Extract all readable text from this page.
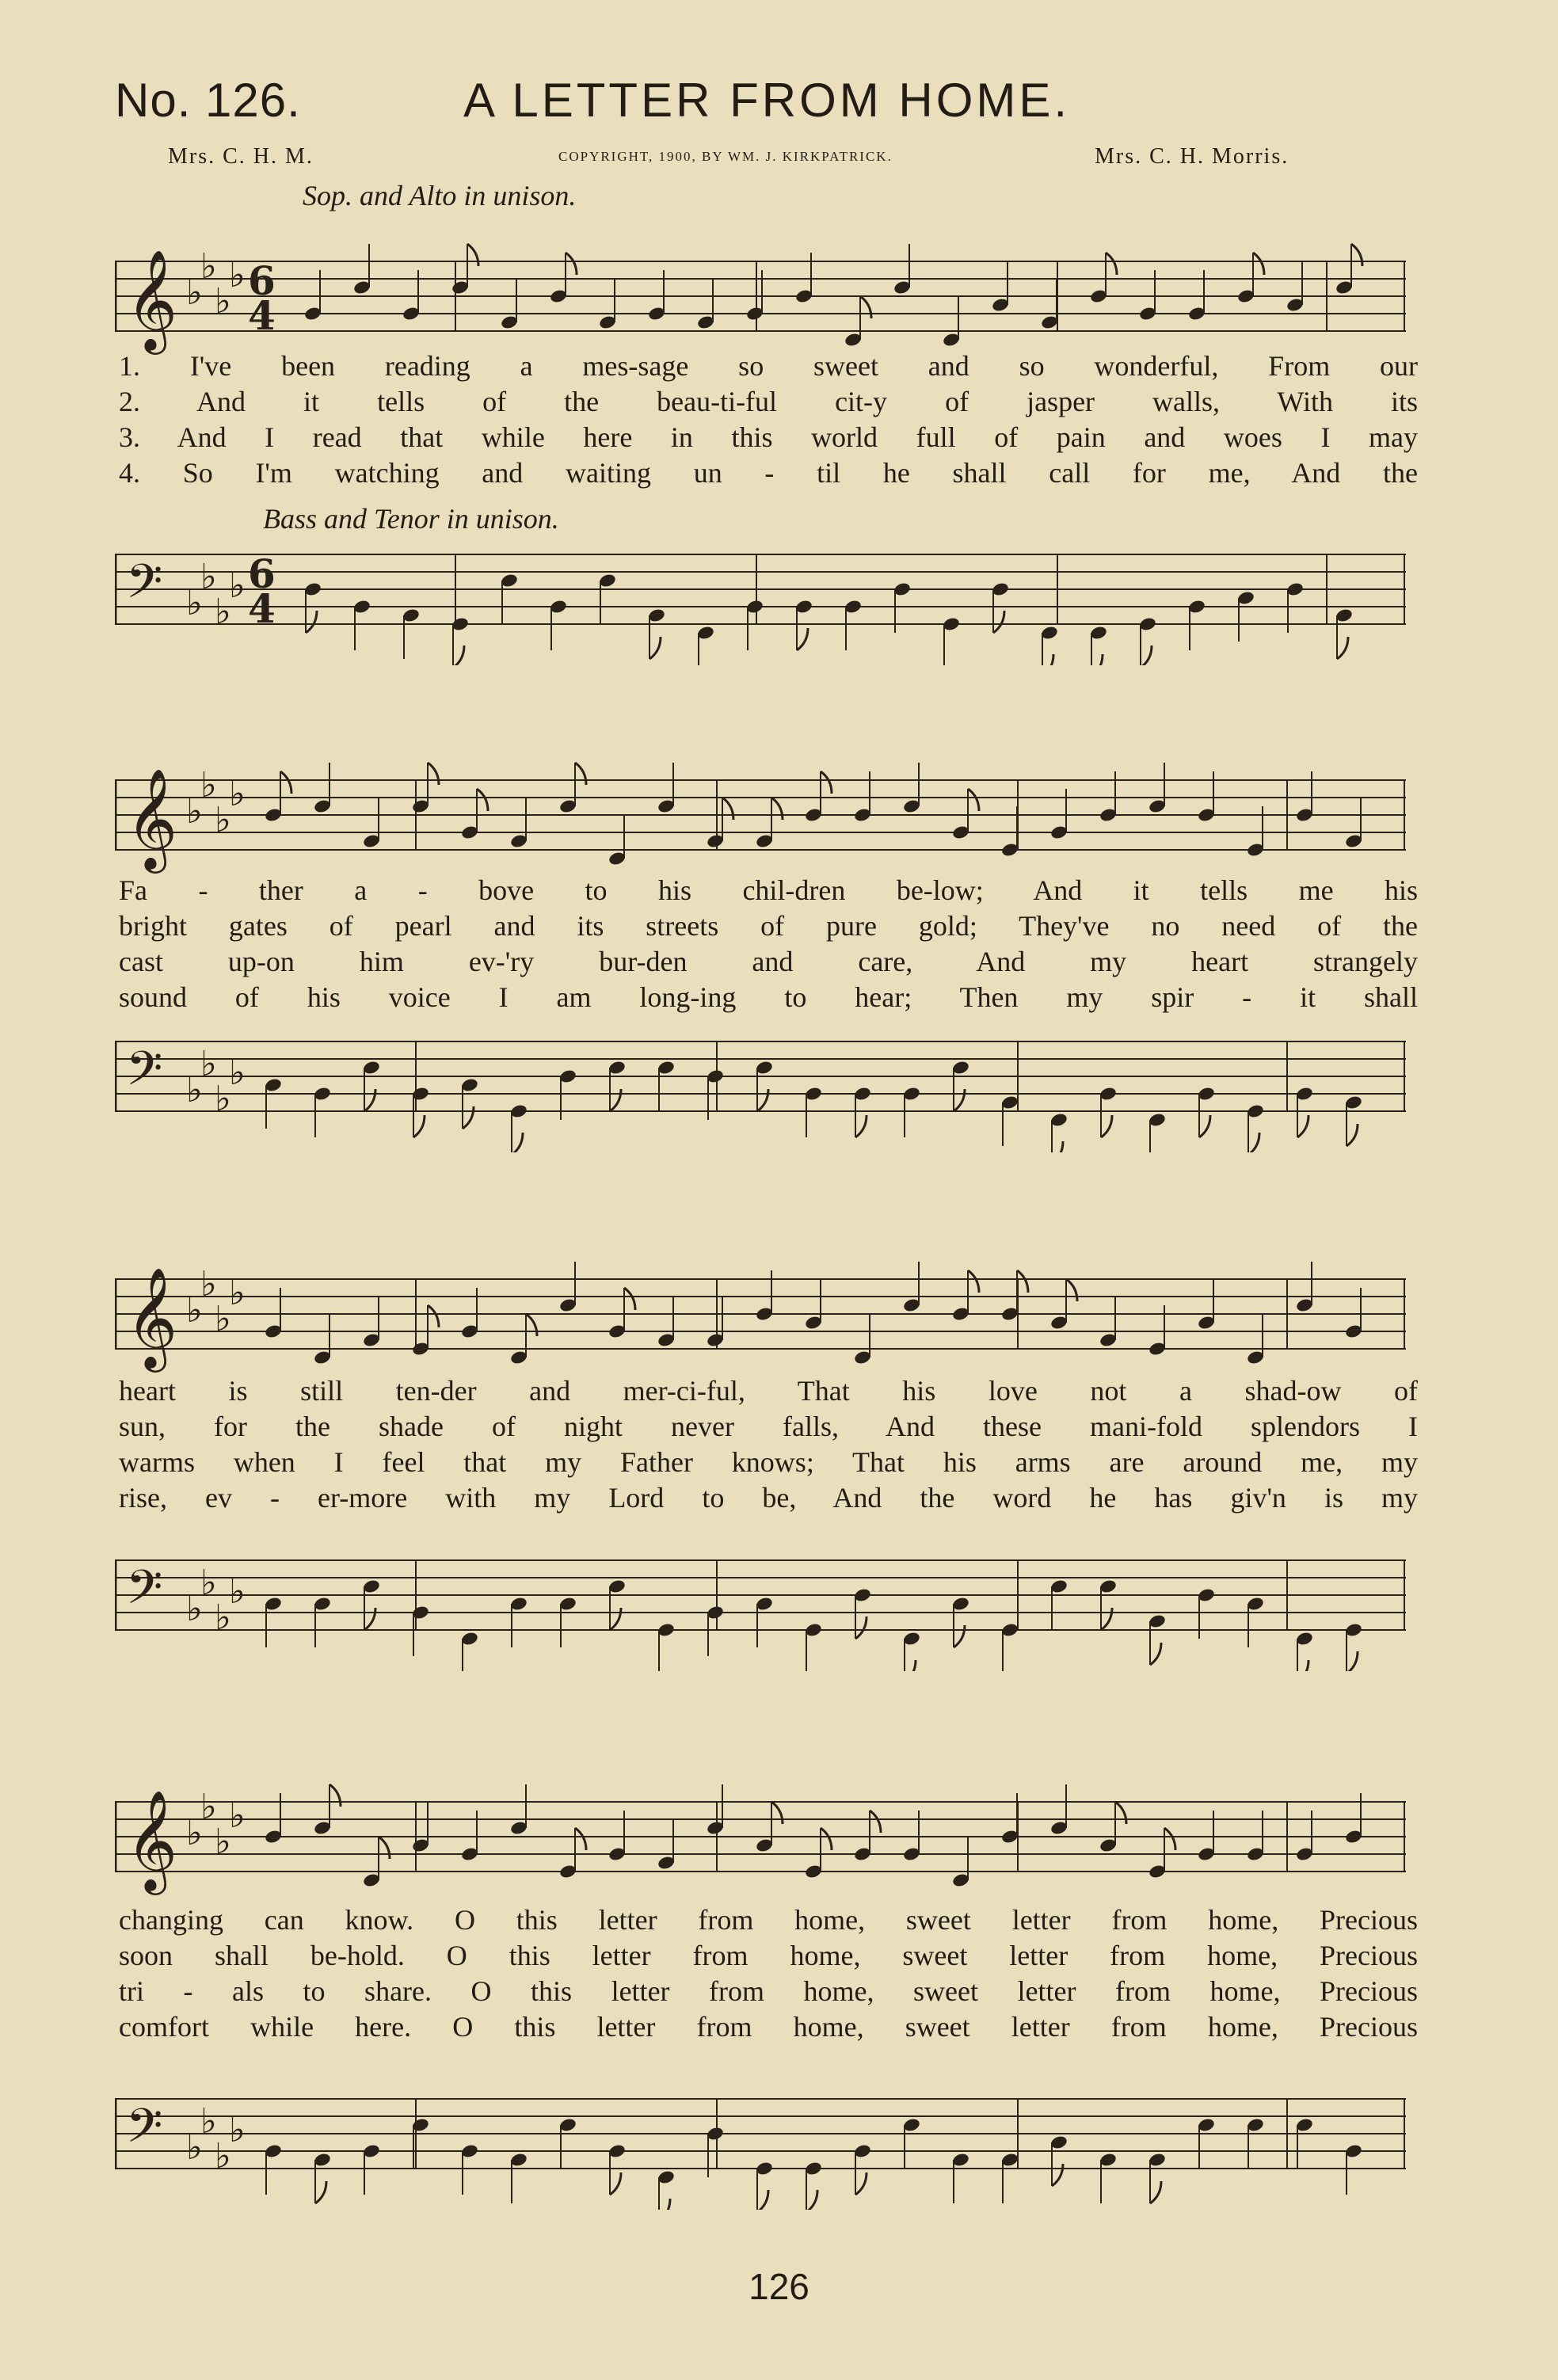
No. 126.	A LETTER FROM HOME.
Mrs. C. H. M.	COPYRIGHT, 1900, BY WM. J. KIRKPATRICK.	Mrs. C. H. Morris.
Sop. and Alto in unison.
Bass and Tenor in unison.
𝄞 ♭
♭
♭
♭ 6
4
𝄢 ♭
♭
♭
♭ 6
4
1. I've been reading a mes-sage so sweet and so wonderful, From our
2. And it tells of the beau-ti-ful cit-y of jasper walls, With its
3. And I read that while here in this world full of pain and woes I may
4. So I'm watching and waiting un - til he shall call for me, And the
𝄞 ♭
♭
♭
♭
𝄢 ♭
♭
♭
♭
Fa - ther a - bove to his chil-dren be-low; And it tells me his
bright gates of pearl and its streets of pure gold; They've no need of the
cast up-on him ev-'ry bur-den and care, And my heart strangely
sound of his voice I am long-ing to hear; Then my spir - it shall
𝄞 ♭
♭
♭
♭
𝄢 ♭
♭
♭
♭
heart is still ten-der and mer-ci-ful, That his love not a shad-ow of
sun, for the shade of night never falls, And these mani-fold splendors I
warms when I feel that my Father knows; That his arms are around me, my
rise, ev - er-more with my Lord to be, And the word he has giv'n is my
𝄞 ♭
♭
♭
♭
𝄢 ♭
♭
♭
♭
changing can know. O this letter from home, sweet letter from home, Precious
soon shall be-hold. O this letter from home, sweet letter from home, Precious
tri - als to share. O this letter from home, sweet letter from home, Precious
comfort while here. O this letter from home, sweet letter from home, Precious
126
